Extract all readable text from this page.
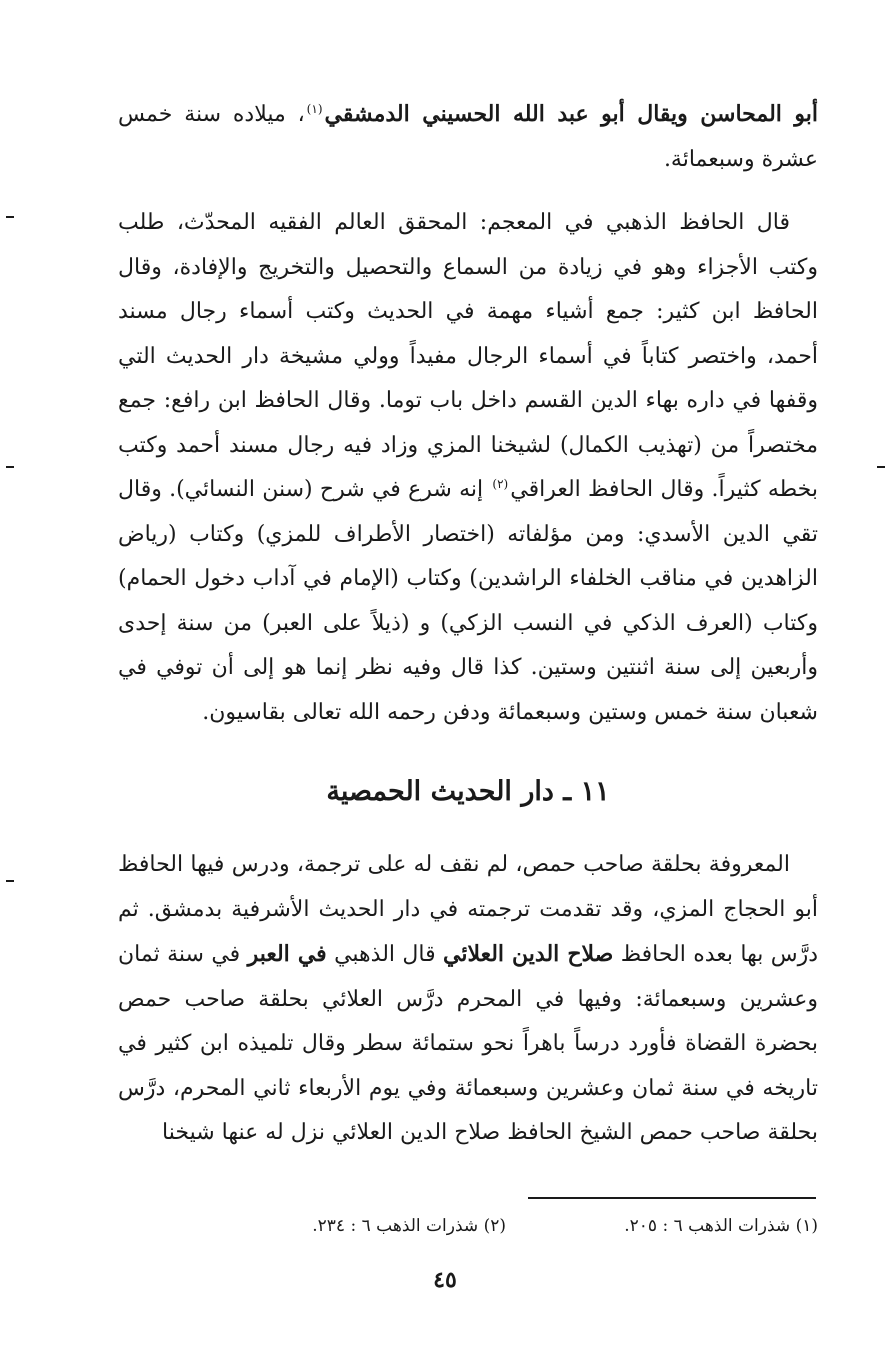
أبو المحاسن ويقال أبو عبد الله الحسيني الدمشقي$^{(١)}$، ميلاده سنة خمس عشرة وسبعمائة.

قال الحافظ الذهبي في المعجم: المحقق العالم الفقيه المحدّث، طلب وكتب الأجزاء وهو في زيادة من السماع والتحصيل والتخريج والإفادة، وقال الحافظ ابن كثير: جمع أشياء مهمة في الحديث وكتب أسماء رجال مسند أحمد، واختصر كتاباً في أسماء الرجال مفيداً وولي مشيخة دار الحديث التي وقفها في داره بهاء الدين القسم داخل باب توما. وقال الحافظ ابن رافع: جمع مختصراً من (تهذيب الكمال) لشيخنا المزي وزاد فيه رجال مسند أحمد وكتب بخطه كثيراً. وقال الحافظ العراقي$^{(٢)}$ إنه شرع في شرح (سنن النسائي). وقال تقي الدين الأسدي: ومن مؤلفاته (اختصار الأطراف للمزي) وكتاب (رياض الزاهدين في مناقب الخلفاء الراشدين) وكتاب (الإمام في آداب دخول الحمام) وكتاب (العرف الذكي في النسب الزكي) و (ذيلاً على العبر) من سنة إحدى وأربعين إلى سنة اثنتين وستين. كذا قال وفيه نظر إنما هو إلى أن توفي في شعبان سنة خمس وستين وسبعمائة ودفن رحمه الله تعالى بقاسيون.

١١ ـ دار الحديث الحمصية

المعروفة بحلقة صاحب حمص، لم نقف له على ترجمة، ودرس فيها الحافظ أبو الحجاج المزي، وقد تقدمت ترجمته في دار الحديث الأشرفية بدمشق. ثم درَّس بها بعده الحافظ صلاح الدين العلائي قال الذهبي في العبر في سنة ثمان وعشرين وسبعمائة: وفيها في المحرم درَّس العلائي بحلقة صاحب حمص بحضرة القضاة فأورد درساً باهراً نحو ستمائة سطر وقال تلميذه ابن كثير في تاريخه في سنة ثمان وعشرين وسبعمائة وفي يوم الأربعاء ثاني المحرم، درَّس بحلقة صاحب حمص الشيخ الحافظ صلاح الدين العلائي نزل له عنها شيخنا

(١) شذرات الذهب ٦ : ٢٠٥.
(٢) شذرات الذهب ٦ : ٢٣٤.
٤٥
